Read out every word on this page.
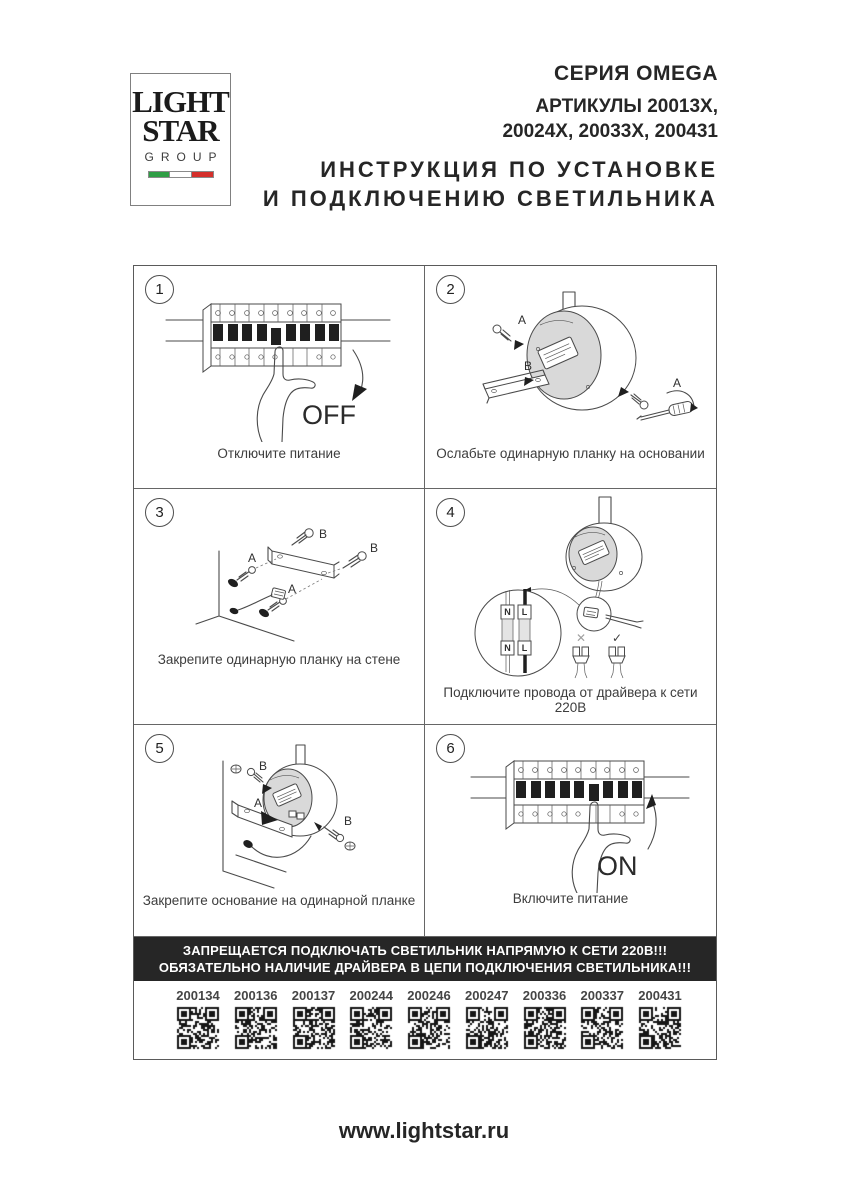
LIGHT
STAR
GROUP
СЕРИЯ OMEGA
АРТИКУЛЫ 20013X,
20024X, 20033X, 200431
ИНСТРУКЦИЯ ПО УСТАНОВКЕ
И ПОДКЛЮЧЕНИЮ СВЕТИЛЬНИКА
1
OFF
Отключите питание
2
A
B
A
Ослабьте одинарную планку на основании
3
B
B
A
A
Закрепите одинарную планку на стене
4
N L
N L
✕ ✓
Подключите провода от драйвера к сети 220В
5
B
A
B
Закрепите основание на одинарной планке
6
ON
Включите питание
ЗАПРЕЩАЕТСЯ ПОДКЛЮЧАТЬ СВЕТИЛЬНИК НАПРЯМУЮ К СЕТИ 220В!!!
ОБЯЗАТЕЛЬНО НАЛИЧИЕ ДРАЙВЕРА В ЦЕПИ ПОДКЛЮЧЕНИЯ СВЕТИЛЬНИКА!!!
200134 200136 200137 200244 200246 200247 200336 200337 200431
www.lightstar.ru
